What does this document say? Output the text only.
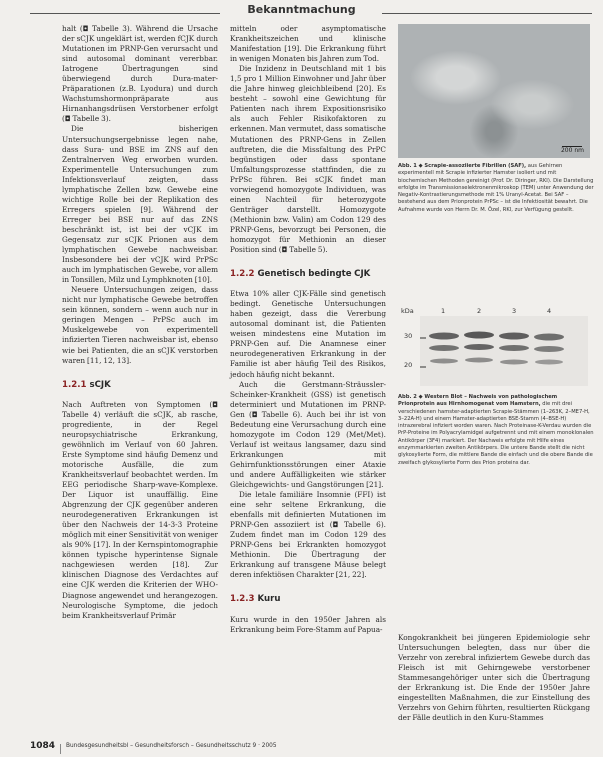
Bekanntmachung

halt (◘ Tabelle 3). Während die Ursache der sCJK ungeklärt ist, werden fCJK durch Mutationen im PRNP-Gen verursacht und sind autosomal dominant vererbbar. Iatrogene Übertragungen sind überwiegend durch Dura-mater-Präparationen (z.B. Lyodura) und durch Wachstumshormonpräparate aus Hirnanhangsdrüsen Verstorbener erfolgt (◘ Tabelle 3).

Die bisherigen Untersuchungsergebnisse legen nahe, dass Sura- und BSE im ZNS auf den Zentralnerven Weg erworben wurden. Experimentelle Untersuchungen zum Infektionsverlauf zeigten, dass lymphatische Zellen bzw. Gewebe eine wichtige Rolle bei der Replikation des Erregers spielen [9]. Während der Erreger bei BSE nur auf das ZNS beschränkt ist, ist bei der vCJK im Gegensatz zur sCJK Prionen aus dem lymphatischen Gewebe nachweisbar. Insbesondere bei der vCJK wird PrPSc auch im lymphatischen Gewebe, vor allem in Tonsillen, Milz und Lymphknoten [10].

Neuere Untersuchungen zeigen, dass nicht nur lymphatische Gewebe betroffen sein können, sondern – wenn auch nur in geringen Mengen – PrPSc auch im Muskelgewebe von experimentell infizierten Tieren nachweisbar ist, ebenso wie bei Patienten, die an sCJK verstorben waren [11, 12, 13].

1.2.1 sCJK

Nach Auftreten von Symptomen (◘ Tabelle 4) verläuft die sCJK, ab rasche, progrediente, in der Regel neuropsychiatrische Erkrankung, gewöhnlich im Verlauf von 60 Jahren. Erste Symptome sind häufig Demenz und motorische Ausfälle, die zum Krankheitsverlauf beobachtet werden. Im EEG periodische Sharp-wave-Komplexe. Der Liquor ist unauffällig. Eine Abgrenzung der CJK gegenüber anderen neurodegenerativen Erkrankungen ist über den Nachweis der 14-3-3 Proteine möglich mit einer Sensitivität von weniger als 90% [17]. In der Kernspintomographie können typische hyperintense Signale nachgewiesen werden [18]. Zur klinischen Diagnose des Verdachtes auf eine CJK werden die Kriterien der WHO-Diagnose angewendet und herangezogen. Neurologische Symptome, die jedoch beim Krankheitsverlauf Primär

mitteln oder asymptomatische Krankheitszeichen und klinische Manifestation [19]. Die Erkrankung führt in wenigen Monaten bis Jahren zum Tod.

Die Inzidenz in Deutschland mit 1 bis 1,5 pro 1 Million Einwohner und Jahr über die Jahre hinweg gleichbleibend [20]. Es besteht – sowohl eine Gewichtung für Patienten nach ihrem Expositionsrisiko als auch Fehler Risikofaktoren zu erkennen. Man vermutet, dass somatische Mutationen des PRNP-Gens in Zellen auftreten, die die Missfaltung des PrPC begünstigen oder dass spontane Umfaltungsprozesse stattfinden, die zu PrPSc führen. Bei sCJK findet man vorwiegend homozygote Individuen, was einen Nachteil für heterozygote Genträger darstellt. Homozygote (Methionin bzw. Valin) am Codon 129 des PRNP-Gens, bevorzugt bei Personen, die homozygot für Methionin an dieser Position sind (◘ Tabelle 5).

1.2.2 Genetisch bedingte CJK

Etwa 10% aller CJK-Fälle sind genetisch bedingt. Genetische Untersuchungen haben gezeigt, dass die Vererbung autosomal dominant ist, die Patienten weisen mindestens eine Mutation im PRNP-Gen auf. Die Anamnese einer neurodegenerativen Erkrankung in der Familie ist aber häufig Teil des Risikos, jedoch häufig nicht bekannt.

Auch die Gerstmann-Sträussler-Scheinker-Krankheit (GSS) ist genetisch determiniert und Mutationen im PRNP-Gen (◘ Tabelle 6). Auch bei ihr ist von Bedeutung eine Verursachung durch eine homozygote im Codon 129 (Met/Met). Verlauf ist weitaus langsamer, dazu sind Erkrankungen mit Gehirnfunktionsstörungen einer Ataxie und andere Auffälligkeiten wie stärker Gleichgewichts- und Gangstörungen [21].

Die letale familiäre Insomnie (FFI) ist eine sehr seltene Erkrankung, die ebenfalls mit definierten Mutationen im PRNP-Gen assoziiert ist (◘ Tabelle 6). Zudem findet man im Codon 129 des PRNP-Gens bei Erkrankten homozygot Methionin. Die Übertragung der Erkrankung auf transgene Mäuse belegt deren infektiösen Charakter [21, 22].

1.2.3 Kuru

Kuru wurde in den 1950er Jahren als Erkrankung beim Fore-Stamm auf Papua-

200 nm
Abb. 1 ◆ Scrapie-assoziierte Fibrillen (SAF), aus Gehirnen experimentell mit Scrapie infizierter Hamster isoliert und mit biochemischen Methoden gereinigt (Prof. Dr. Diringer, RKI). Die Darstellung erfolgte im Transmissionselektronenmikroskop (TEM) unter Anwendung der Negativ-Kontrastierungsmethode mit 1% Uranyl-Acetat. Bei SAF – bestehend aus dem Prionprotein PrPSc – ist die Infektiosität bewahrt. Die Aufnahme wurde von Herrn Dr. M. Özel, RKI, zur Verfügung gestellt.
kDa	1	2	3	4
30
20
Abb. 2 ◆ Western Blot – Nachweis von pathologischem Prionprotein aus Hirnhomogenat vom Hamstern, die mit drei verschiedenen hamster-adaptierten Scrapie-Stämmen (1–263K, 2–ME7-H, 3–22A-H) und einem Hamster-adaptierten BSE-Stamm (4–BSE-H) intrazerebral infiziert worden waren. Nach Proteinase-K-Verdau wurden die PrP-Proteine im Polyacrylamidgel aufgetrennt und mit einem monoklonalen Antikörper (3F4) markiert. Der Nachweis erfolgte mit Hilfe eines enzymmarkierten zweiten Antikörpers. Die untere Bande stellt die nicht glykosylierte Form, die mittlere Bande die einfach und die obere Bande die zweifach glykosylierte Form des Prion proteins dar.

Kongokrankheit bei jüngeren Epidemiologie sehr Untersuchungen belegten, dass nur über die Verzehr von zerebral infiziertem Gewebe durch das Fleisch ist mit Gehirngewebe verstorbener Stammesangehöriger unter sich die Übertragung der Erkrankung ist. Die Ende der 1950er Jahre eingestellten Maßnahmen, die zur Einstellung des Verzehrs von Gehirn führten, resultierten Rückgang der Fälle deutlich in den Kuru-Stammes

1084 Bundesgesundheitsbl – Gesundheitsforsch – Gesundheitsschutz 9 · 2005
